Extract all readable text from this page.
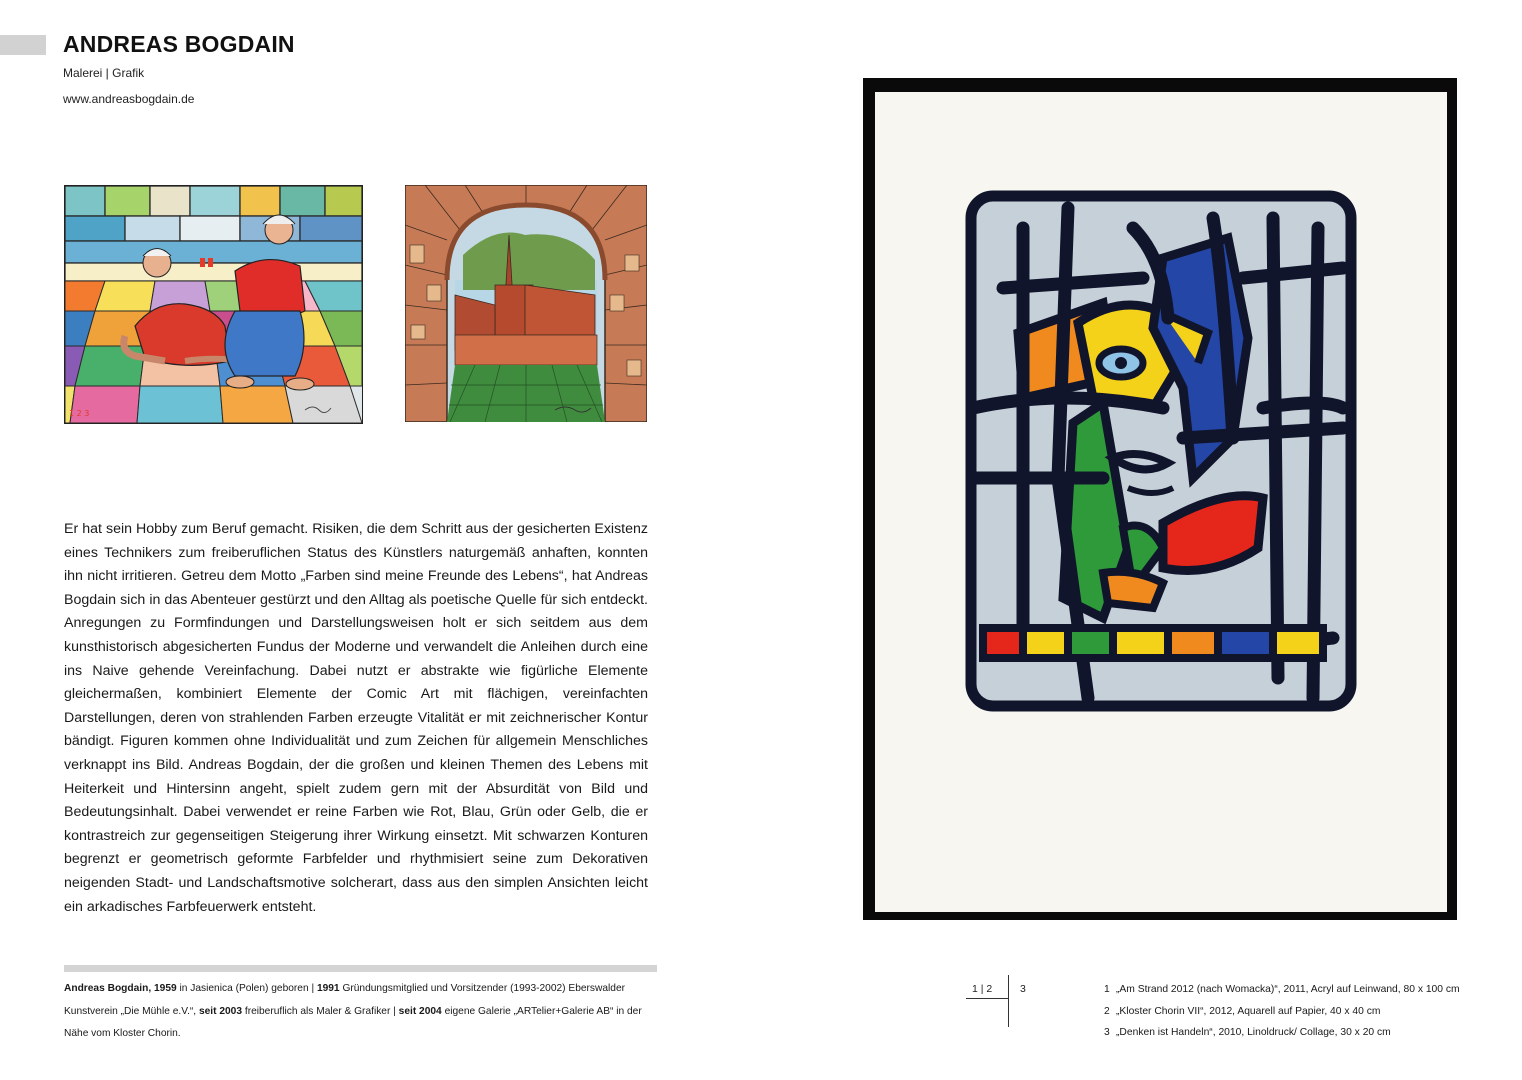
ANDREAS BOGDAIN
Malerei | Grafik
www.andreasbogdain.de
1 2 3
Er hat sein Hobby zum Beruf gemacht. Risiken, die dem Schritt aus der gesicherten Existenz eines Technikers zum freiberuflichen Status des Künstlers naturgemäß anhaften, konnten ihn nicht irritieren. Getreu dem Motto „Farben sind meine Freunde des Lebens“, hat Andreas Bogdain sich in das Abenteuer gestürzt und den Alltag als poetische Quelle für sich entdeckt. Anregungen zu Formfindungen und Darstellungsweisen holt er sich seitdem aus dem kunsthistorisch abgesicherten Fundus der Moderne und verwandelt die Anleihen durch eine ins Naive gehende Vereinfachung. Dabei nutzt er abstrakte wie figürliche Elemente gleichermaßen, kombiniert Elemente der Comic Art mit flächigen, vereinfachten Darstellungen, deren von strahlenden Farben erzeugte Vitalität er mit zeichnerischer Kontur bändigt. Figuren kommen ohne Individualität und zum Zeichen für allgemein Menschliches verknappt ins Bild. Andreas Bogdain, der die großen und kleinen Themen des Lebens mit Heiterkeit und Hintersinn angeht, spielt zudem gern mit der Absurdität von Bild und Bedeutungsinhalt. Dabei verwendet er reine Farben wie Rot, Blau, Grün oder Gelb, die er kontrastreich zur gegenseitigen Steigerung ihrer Wirkung einsetzt. Mit schwarzen Konturen begrenzt er geometrisch geformte Farbfelder und rhythmisiert seine zum Dekorativen neigenden Stadt- und Landschaftsmotive solcherart, dass aus den simplen Ansichten leicht ein arkadisches Farbfeuerwerk entsteht.
Andreas Bogdain, 1959 in Jasienica (Polen) geboren | 1991 Gründungsmitglied und Vorsitzender (1993-2002) Eberswalder Kunstverein „Die Mühle e.V.“, seit 2003 freiberuflich als Maler & Grafiker | seit 2004 eigene Galerie „ARTelier+Galerie AB“ in der Nähe vom Kloster Chorin.
1 | 2	3	1 „Am Strand 2012 (nach Womacka)“, 2011, Acryl auf Leinwand, 80 x 100 cm
2 „Kloster Chorin VII“, 2012, Aquarell auf Papier, 40 x 40 cm
3 „Denken ist Handeln“, 2010, Linoldruck/ Collage, 30 x 20 cm
